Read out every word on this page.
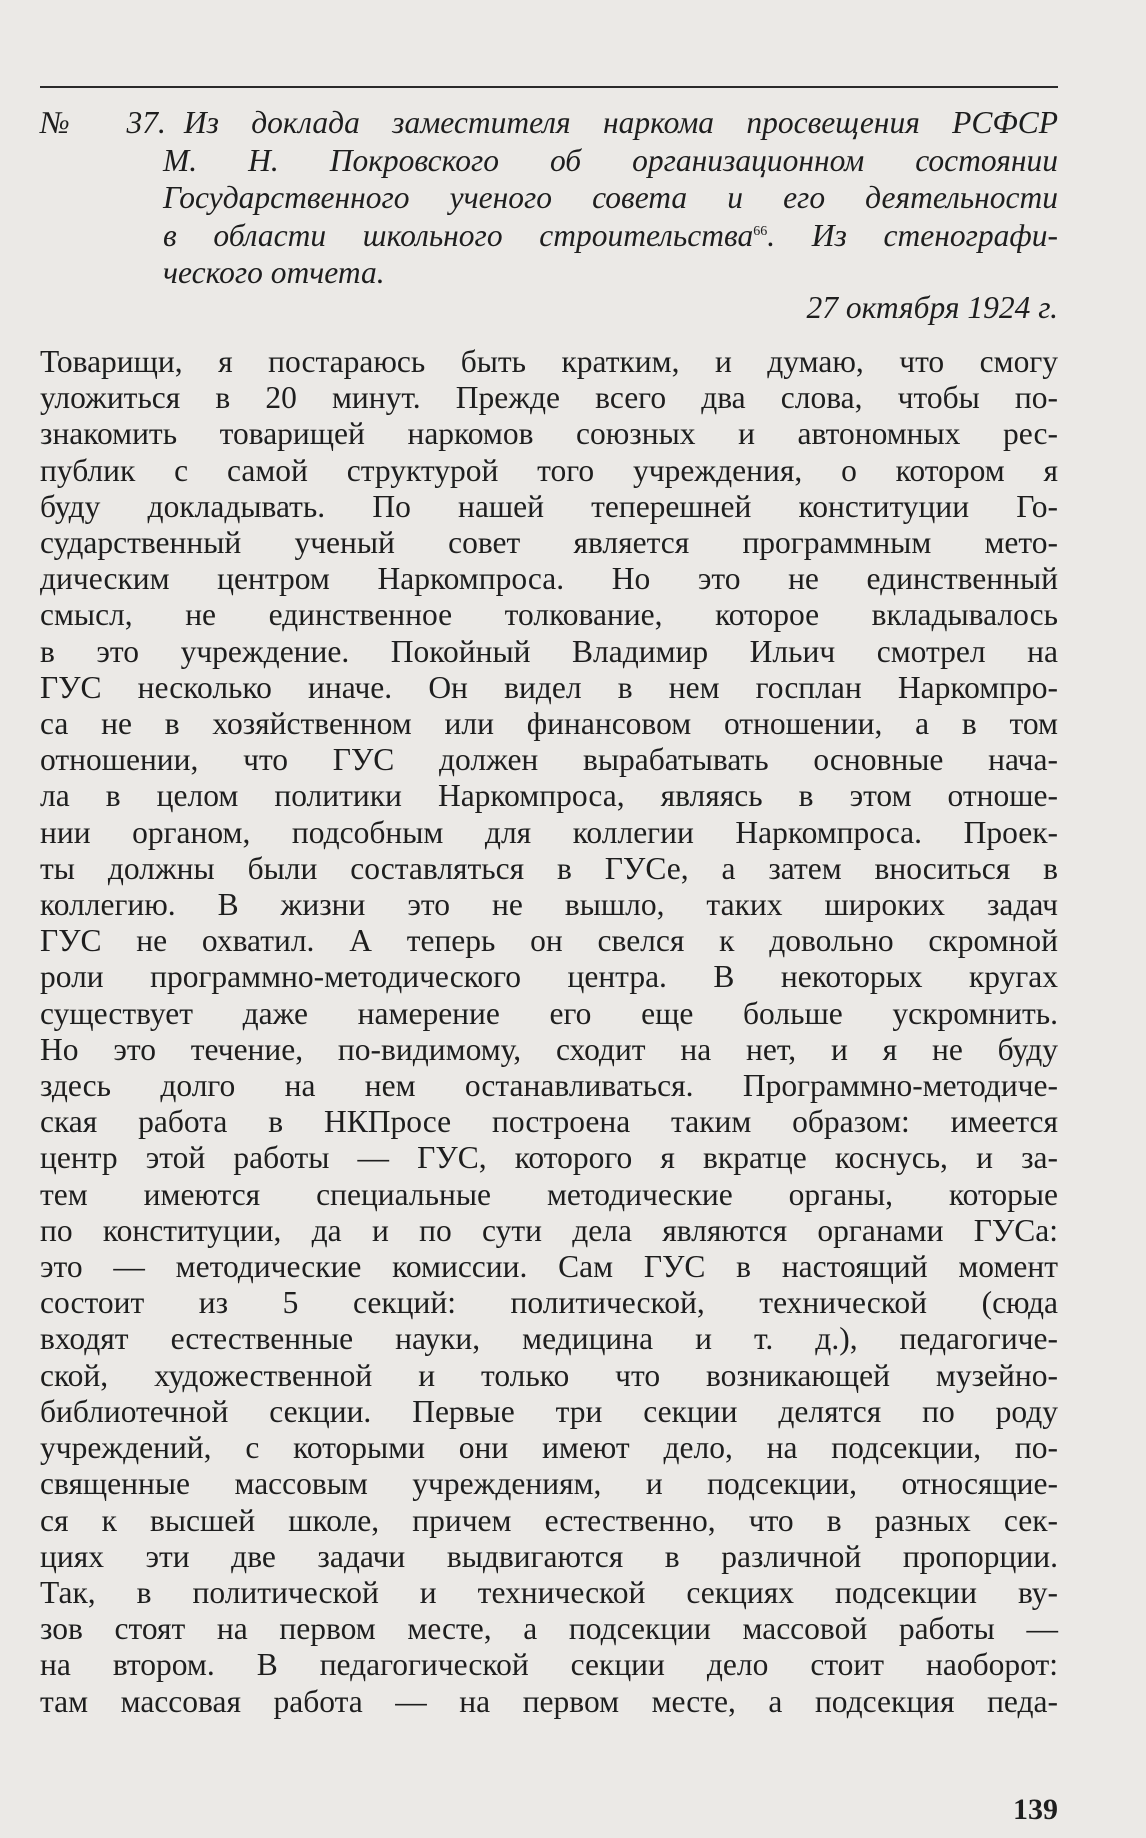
№ 37. Из доклада заместителя наркома просвещения РСФСР
М. Н. Покровского об организационном состоянии
Государственного ученого совета и его деятельности
в области школьного строительства$^{66}$. Из стенографи-
ческого отчета.
27 октября 1924 г.
Товарищи, я постараюсь быть кратким, и думаю, что смогу
уложиться в 20 минут. Прежде всего два слова, чтобы по-
знакомить товарищей наркомов союзных и автономных рес-
публик с самой структурой того учреждения, о котором я
буду докладывать. По нашей теперешней конституции Го-
сударственный ученый совет является программным мето-
дическим центром Наркомпроса. Но это не единственный
смысл, не единственное толкование, которое вкладывалось
в это учреждение. Покойный Владимир Ильич смотрел на
ГУС несколько иначе. Он видел в нем госплан Наркомпро-
са не в хозяйственном или финансовом отношении, а в том
отношении, что ГУС должен вырабатывать основные нача-
ла в целом политики Наркомпроса, являясь в этом отноше-
нии органом, подсобным для коллегии Наркомпроса. Проек-
ты должны были составляться в ГУСе, а затем вноситься в
коллегию. В жизни это не вышло, таких широких задач
ГУС не охватил. А теперь он свелся к довольно скромной
роли программно-методического центра. В некоторых кругах
существует даже намерение его еще больше ускромнить.
Но это течение, по-видимому, сходит на нет, и я не буду
здесь долго на нем останавливаться. Программно-методиче-
ская работа в НКПросе построена таким образом: имеется
центр этой работы — ГУС, которого я вкратце коснусь, и за-
тем имеются специальные методические органы, которые
по конституции, да и по сути дела являются органами ГУСа:
это — методические комиссии. Сам ГУС в настоящий момент
состоит из 5 секций: политической, технической (сюда
входят естественные науки, медицина и т. д.), педагогиче-
ской, художественной и только что возникающей музейно-
библиотечной секции. Первые три секции делятся по роду
учреждений, с которыми они имеют дело, на подсекции, по-
священные массовым учреждениям, и подсекции, относящие-
ся к высшей школе, причем естественно, что в разных сек-
циях эти две задачи выдвигаются в различной пропорции.
Так, в политической и технической секциях подсекции ву-
зов стоят на первом месте, а подсекции массовой работы —
на втором. В педагогической секции дело стоит наоборот:
там массовая работа — на первом месте, а подсекция педа-
139
